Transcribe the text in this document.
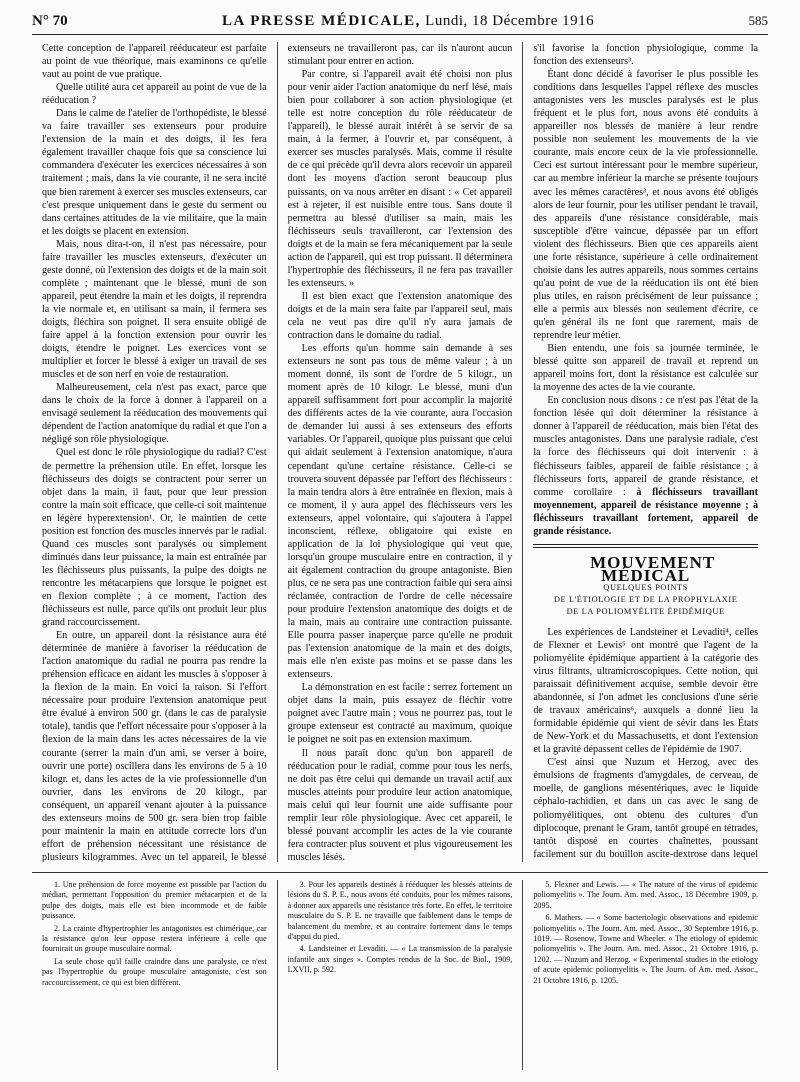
N° 70	LA PRESSE MÉDICALE, Lundi, 18 Décembre 1916	585

Cette conception de l'appareil rééducateur est parfaite au point de vue théorique, mais examinons ce qu'elle vaut au point de vue pratique.

Quelle utilité aura cet appareil au point de vue de la rééducation ?

Dans le calme de l'atelier de l'orthopédiste, le blessé va faire travailler ses extenseurs pour produire l'extension de la main et des doigts, il les fera également travailler chaque fois que sa conscience lui commandera d'exécuter les exercices nécessaires à son traitement ; mais, dans la vie courante, il ne sera incité que bien rarement à exercer ses muscles extenseurs, car c'est presque uniquement dans le geste du serment ou dans certaines attitudes de la vie militaire, que la main et les doigts se placent en extension.

Mais, nous dira-t-on, il n'est pas nécessaire, pour faire travailler les muscles extenseurs, d'exécuter un geste donné, où l'extension des doigts et de la main soit complète ; maintenant que le blessé, muni de son appareil, peut étendre la main et les doigts, il reprendra la vie normale et, en utilisant sa main, il fermera ses doigts, fléchira son poignet. Il sera ensuite obligé de faire appel à la fonction extension pour ouvrir les doigts, étendre le poignet. Les exercices vont se multiplier et forcer le blessé à exiger un travail de ses muscles et de son nerf en voie de restauration.

Malheureusement, cela n'est pas exact, parce que dans le choix de la force à donner à l'appareil on a envisagé seulement la rééducation des mouvements qui dépendent de l'action anatomique du radial et que l'on a négligé son rôle physiologique.

Quel est donc le rôle physiologique du radial? C'est de permettre la préhension utile. En effet, lorsque les fléchisseurs des doigts se contractent pour serrer un objet dans la main, il faut, pour que leur pression contre la main soit efficace, que celle-ci soit maintenue en légère hyperextension¹. Or, le maintien de cette position est fonction des muscles innervés par le radial. Quand ces muscles sont paralysés ou simplement diminués dans leur puissance, la main est entraînée par les fléchisseurs plus puissants, la pulpe des doigts ne rencontre les métacarpiens que lorsque le poignet est en flexion complète ; à ce moment, l'action des fléchisseurs est nulle, parce qu'ils ont produit leur plus grand raccourcissement.

En outre, un appareil dont la résistance aura été déterminée de manière à favoriser la rééducation de l'action anatomique du radial ne pourra pas rendre la préhension efficace en aidant les muscles à s'opposer à la flexion de la main. En voici la raison. Si l'effort nécessaire pour produire l'extension anatomique peut être évalué à environ 500 gr. (dans le cas de paralysie totale), tandis que l'effort nécessaire pour s'opposer à la flexion de la main dans les actes nécessaires de la vie courante (serrer la main d'un ami, se verser à boire, ouvrir une porte) oscillera dans les environs de 5 à 10 kilogr. et, dans les actes de la vie professionnelle d'un ouvrier, dans les environs de 20 kilogr., par conséquent, un appareil venant ajouter à la puissance des extenseurs moins de 500 gr. sera bien trop faible pour maintenir la main en attitude correcte lors d'un effort de préhension nécessitant une résistance de plusieurs kilogrammes. Avec un tel appareil, le blessé

extenseurs ne travailleront pas, car ils n'auront aucun stimulant pour entrer en action.

Par contre, si l'appareil avait été choisi non plus pour venir aider l'action anatomique du nerf lésé, mais bien pour collaborer à son action physiologique (et telle est notre conception du rôle rééducateur de l'appareil), le blessé aurait intérêt à se servir de sa main, à la fermer, à l'ouvrir et, par conséquent, à exercer ses muscles paralysés. Mais, comme il résulte de ce qui précède qu'il devra alors recevoir un appareil dont les moyens d'action seront beaucoup plus puissants, on va nous arrêter en disant : « Cet appareil est à rejeter, il est nuisible entre tous. Sans doute il permettra au blessé d'utiliser sa main, mais les fléchisseurs seuls travailleront, car l'extension des doigts et de la main se fera mécaniquement par la seule action de l'appareil, qui est trop puissant. Il déterminera l'hypertrophie des fléchisseurs, il ne fera pas travailler les extenseurs. »

Il est bien exact que l'extension anatomique des doigts et de la main sera faite par l'appareil seul, mais cela ne veut pas dire qu'il n'y aura jamais de contraction dans le domaine du radial.

Les efforts qu'un homme sain demande à ses extenseurs ne sont pas tous de même valeur ; à un moment donné, ils sont de l'ordre de 5 kilogr., un moment après de 10 kilogr. Le blessé, muni d'un appareil suffisamment fort pour accomplir la majorité des différents actes de la vie courante, aura l'occasion de demander lui aussi à ses extenseurs des efforts variables. Or l'appareil, quoique plus puissant que celui qui aidait seulement à l'extension anatomique, n'aura cependant qu'une certaine résistance. Celle-ci se trouvera souvent dépassée par l'effort des fléchisseurs : la main tendra alors à être entraînée en flexion, mais à ce moment, il y aura appel des fléchisseurs vers les extenseurs, appel volontaire, qui s'ajoutera à l'appel inconscient, réflexe, obligatoire qui existe en application de la loi physiologique qui veut que, lorsqu'un groupe musculaire entre en contraction, il y ait également contraction du groupe antagoniste. Bien plus, ce ne sera pas une contraction faible qui sera ainsi réclamée, contraction de l'ordre de celle nécessaire pour produire l'extension anatomique des doigts et de la main, mais au contraire une contraction puissante. Elle pourra passer inaperçue parce qu'elle ne produit pas l'extension anatomique de la main et des doigts, mais elle n'en existe pas moins et se passe dans les extenseurs.

La démonstration en est facile : serrez fortement un objet dans la main, puis essayez de fléchir votre poignet avec l'autre main ; vous ne pourrez pas, tout le groupe extenseur est contracté au maximum, quoique le poignet ne soit pas en extension maximum.

Il nous paraît donc qu'un bon appareil de rééducation pour le radial, comme pour tous les nerfs, ne doit pas être celui qui demande un travail actif aux muscles atteints pour produire leur action anatomique, mais celui qui leur fournit une aide suffisante pour remplir leur rôle physiologique. Avec cet appareil, le blessé pouvant accomplir les actes de la vie courante fera contracter plus souvent et plus vigoureusement les muscles lésés.

s'il favorise la fonction physiologique, comme la fonction des extenseurs³.

Étant donc décidé à favoriser le plus possible les conditions dans lesquelles l'appel réflexe des muscles antagonistes vers les muscles paralysés est le plus fréquent et le plus fort, nous avons été conduits à appareiller nos blessés de manière à leur rendre possible non seulement les mouvements de la vie courante, mais encore ceux de la vie professionnelle. Ceci est surtout intéressant pour le membre supérieur, car au membre inférieur la marche se présente toujours avec les mêmes caractères³, et nous avons été obligés alors de leur fournir, pour les utiliser pendant le travail, des appareils d'une résistance considérable, mais susceptible d'être vaincue, dépassée par un effort violent des fléchisseurs. Bien que ces appareils aient une forte résistance, supérieure à celle ordinairement choisie dans les autres appareils, nous sommes certains qu'au point de vue de la rééducation ils ont été bien plus utiles, en raison précisément de leur puissance ; elle a permis aux blessés non seulement d'écrire, ce qu'en général ils ne font que rarement, mais de reprendre leur métier.

Bien entendu, une fois sa journée terminée, le blessé quitte son appareil de travail et reprend un appareil moins fort, dont la résistance est calculée sur la moyenne des actes de la vie courante.

En conclusion nous disons : ce n'est pas l'état de la fonction lésée qui doit déterminer la résistance à donner à l'appareil de rééducation, mais bien l'état des muscles antagonistes. Dans une paralysie radiale, c'est la force des fléchisseurs qui doit intervenir : à fléchisseurs faibles, appareil de faible résistance ; à fléchisseurs forts, appareil de grande résistance, et comme corollaire : à fléchisseurs travaillant moyennement, appareil de résistance moyenne ; à fléchisseurs travaillant fortement, appareil de grande résistance.

MOUVEMENT MÉDICAL

QUELQUES POINTS
DE L'ÉTIOLOGIE ET DE LA PROPHYLAXIE
DE LA POLIOMYÉLITE ÉPIDÉMIQUE

Les expériences de Landsteiner et Levaditi⁴, celles de Flexner et Lewis⁵ ont montré que l'agent de la poliomyélite épidémique appartient à la catégorie des virus filtrants, ultramicroscopiques. Cette notion, qui paraissait définitivement acquise, semble devoir être abandonnée, si l'on admet les conclusions d'une série de travaux américains⁶, auxquels a donné lieu la formidable épidémie qui vient de sévir dans les États de New-York et du Massachusetts, et dont l'extension et la gravité dépassent celles de l'épidémie de 1907.

C'est ainsi que Nuzum et Herzog, avec des émulsions de fragments d'amygdales, de cerveau, de moelle, de ganglions mésentériques, avec le liquide céphalo-rachidien, et dans un cas avec le sang de poliomyélitiques, ont obtenu des cultures d'un diplocoque, prenant le Gram, tantôt groupé en tétrades, tantôt disposé en courtes chaînettes, poussant facilement sur du bouillon ascite-dextrose dans lequel

1. Une préhension de force moyenne est possible par l'action du médian, permettant l'opposition du premier métacarpien et de la pulpe des doigts, mais elle est bien incommode et de faible puissance.

2. La crainte d'hypertrophier les antagonistes est chimérique, car la résistance qu'on leur oppose restera inférieure à celle que fournirait un groupe musculaire normal.

La seule chose qu'il faille craindre dans une paralysie, ce n'est pas l'hypertrophie du groupe musculaire antagoniste, c'est son raccourcissement, ce qui est bien différent.

3. Pour les appareils destinés à rééduquer les blessés atteints de lésions du S. P. E., nous avons été conduits, pour les mêmes raisons, à donner aux appareils une résistance très forte. En effet, le territoire musculaire du S. P. E. ne travaille que faiblement dans le temps de balancement du membre, et au contraire fortement dans le temps d'appui du pied.

4. Landsteiner et Levaditi. — « La transmission de la paralysie infantile aux singes ». Comptes rendus de la Soc. de Biol., 1909, LXVII, p. 592.

5. Flexner and Lewis. — « The nature of the virus of epidemic poliomyelitis ». The Journ. Am. med. Assoc., 18 Décembre 1909, p. 2095.

6. Mathers. — « Some bacteriologic observations and epidemic poliomyelitis ». The Journ. Am. med. Assoc., 30 Septembre 1916, p. 1019. — Rosenow, Towne and Wheeler. « The etiology of epidemic poliomyelitis ». The Journ. Am. med. Assoc., 21 Octobre 1916, p. 1202. — Nuzum and Herzog. « Experimental studies in the etiology of acute epidemic poliomyelitis ». The Journ. of Am. med. Assoc., 21 Octobre 1916, p. 1205.
